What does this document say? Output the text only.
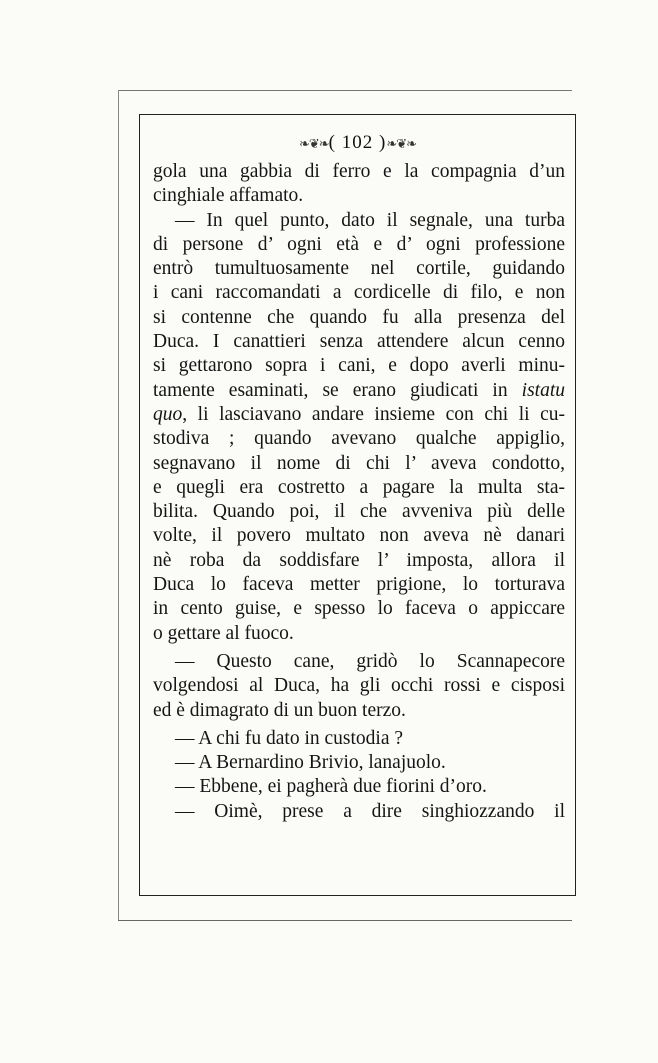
❧❦❧( 102 )❧❦❧
gola una gabbia di ferro e la compagnia d’un
cinghiale affamato.
— In quel punto, dato il segnale, una turba
di persone d’ ogni età e d’ ogni professione
entrò tumultuosamente nel cortile, guidando
i cani raccomandati a cordicelle di filo, e non
si contenne che quando fu alla presenza del
Duca. I canattieri senza attendere alcun cenno
si gettarono sopra i cani, e dopo averli minu-
tamente esaminati, se erano giudicati in istatu
quo, li lasciavano andare insieme con chi li cu-
stodiva ; quando avevano qualche appiglio,
segnavano il nome di chi l’ aveva condotto,
e quegli era costretto a pagare la multa sta-
bilita. Quando poi, il che avveniva più delle
volte, il povero multato non aveva nè danari
nè roba da soddisfare l’ imposta, allora il
Duca lo faceva metter prigione, lo torturava
in cento guise, e spesso lo faceva o appiccare
o gettare al fuoco.
— Questo cane, gridò lo Scannapecore
volgendosi al Duca, ha gli occhi rossi e cisposi
ed è dimagrato di un buon terzo.
— A chi fu dato in custodia ?
— A Bernardino Brivio, lanajuolo.
— Ebbene, ei pagherà due fiorini d’oro.
— Oimè, prese a dire singhiozzando il
